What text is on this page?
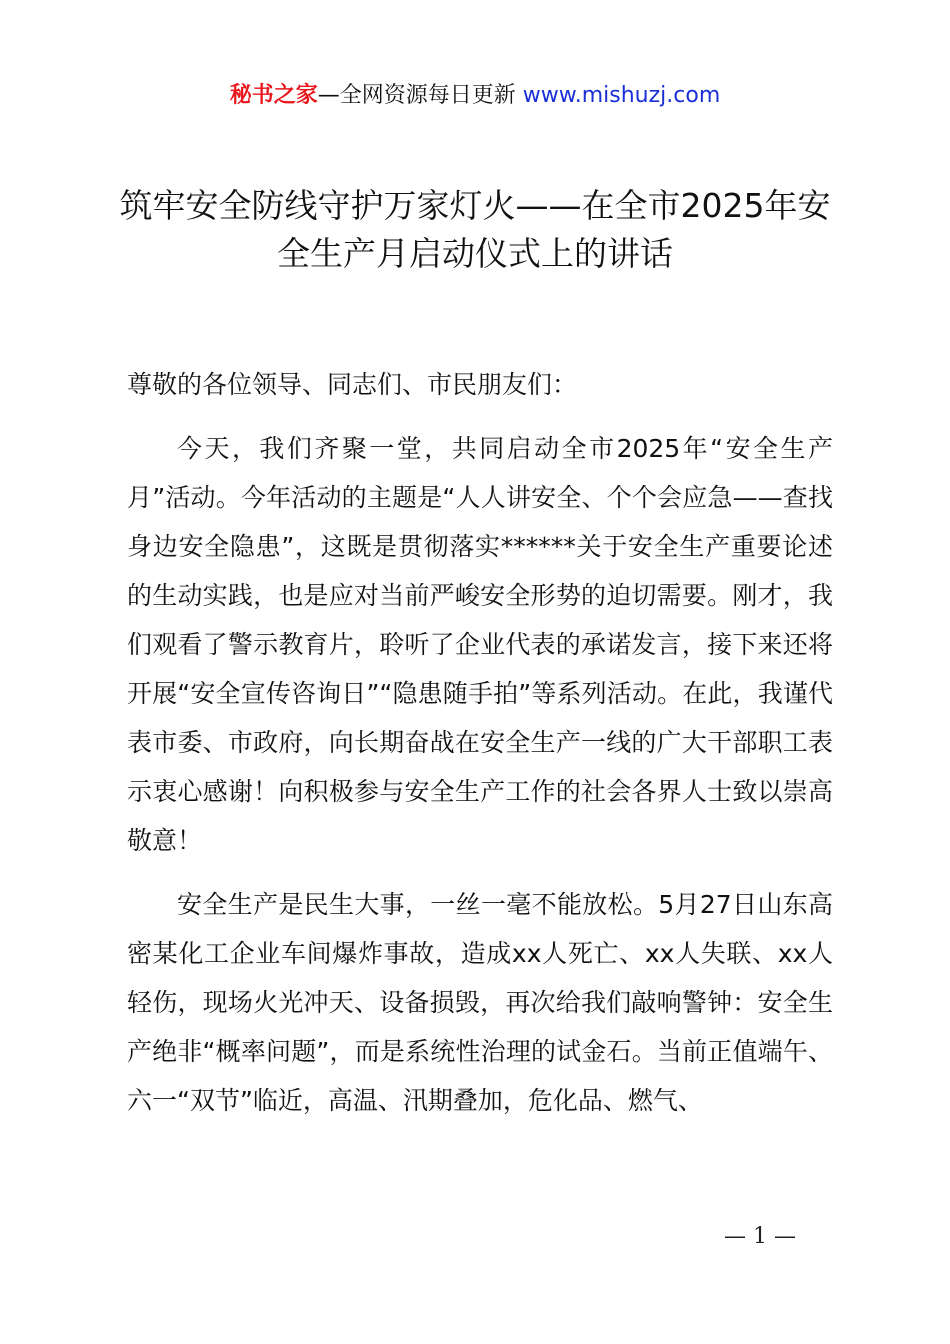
秘书之家—全网资源每日更新 www.mishuzj.com
筑牢安全防线守护万家灯火——在全市2025年安全生产月启动仪式上的讲话

尊敬的各位领导、同志们、市民朋友们：

今天，我们齐聚一堂，共同启动全市2025年“安全生产月”活动。今年活动的主题是“人人讲安全、个个会应急——查找身边安全隐患”，这既是贯彻落实******关于安全生产重要论述的生动实践，也是应对当前严峻安全形势的迫切需要。刚才，我们观看了警示教育片，聆听了企业代表的承诺发言，接下来还将开展“安全宣传咨询日”“隐患随手拍”等系列活动。在此，我谨代表市委、市政府，向长期奋战在安全生产一线的广大干部职工表示衷心感谢！向积极参与安全生产工作的社会各界人士致以崇高敬意！

安全生产是民生大事，一丝一毫不能放松。5月27日山东高密某化工企业车间爆炸事故，造成xx人死亡、xx人失联、xx人轻伤，现场火光冲天、设备损毁，再次给我们敲响警钟：安全生产绝非“概率问题”，而是系统性治理的试金石。当前正值端午、六一“双节”临近，高温、汛期叠加，危化品、燃气、

— 1 —
